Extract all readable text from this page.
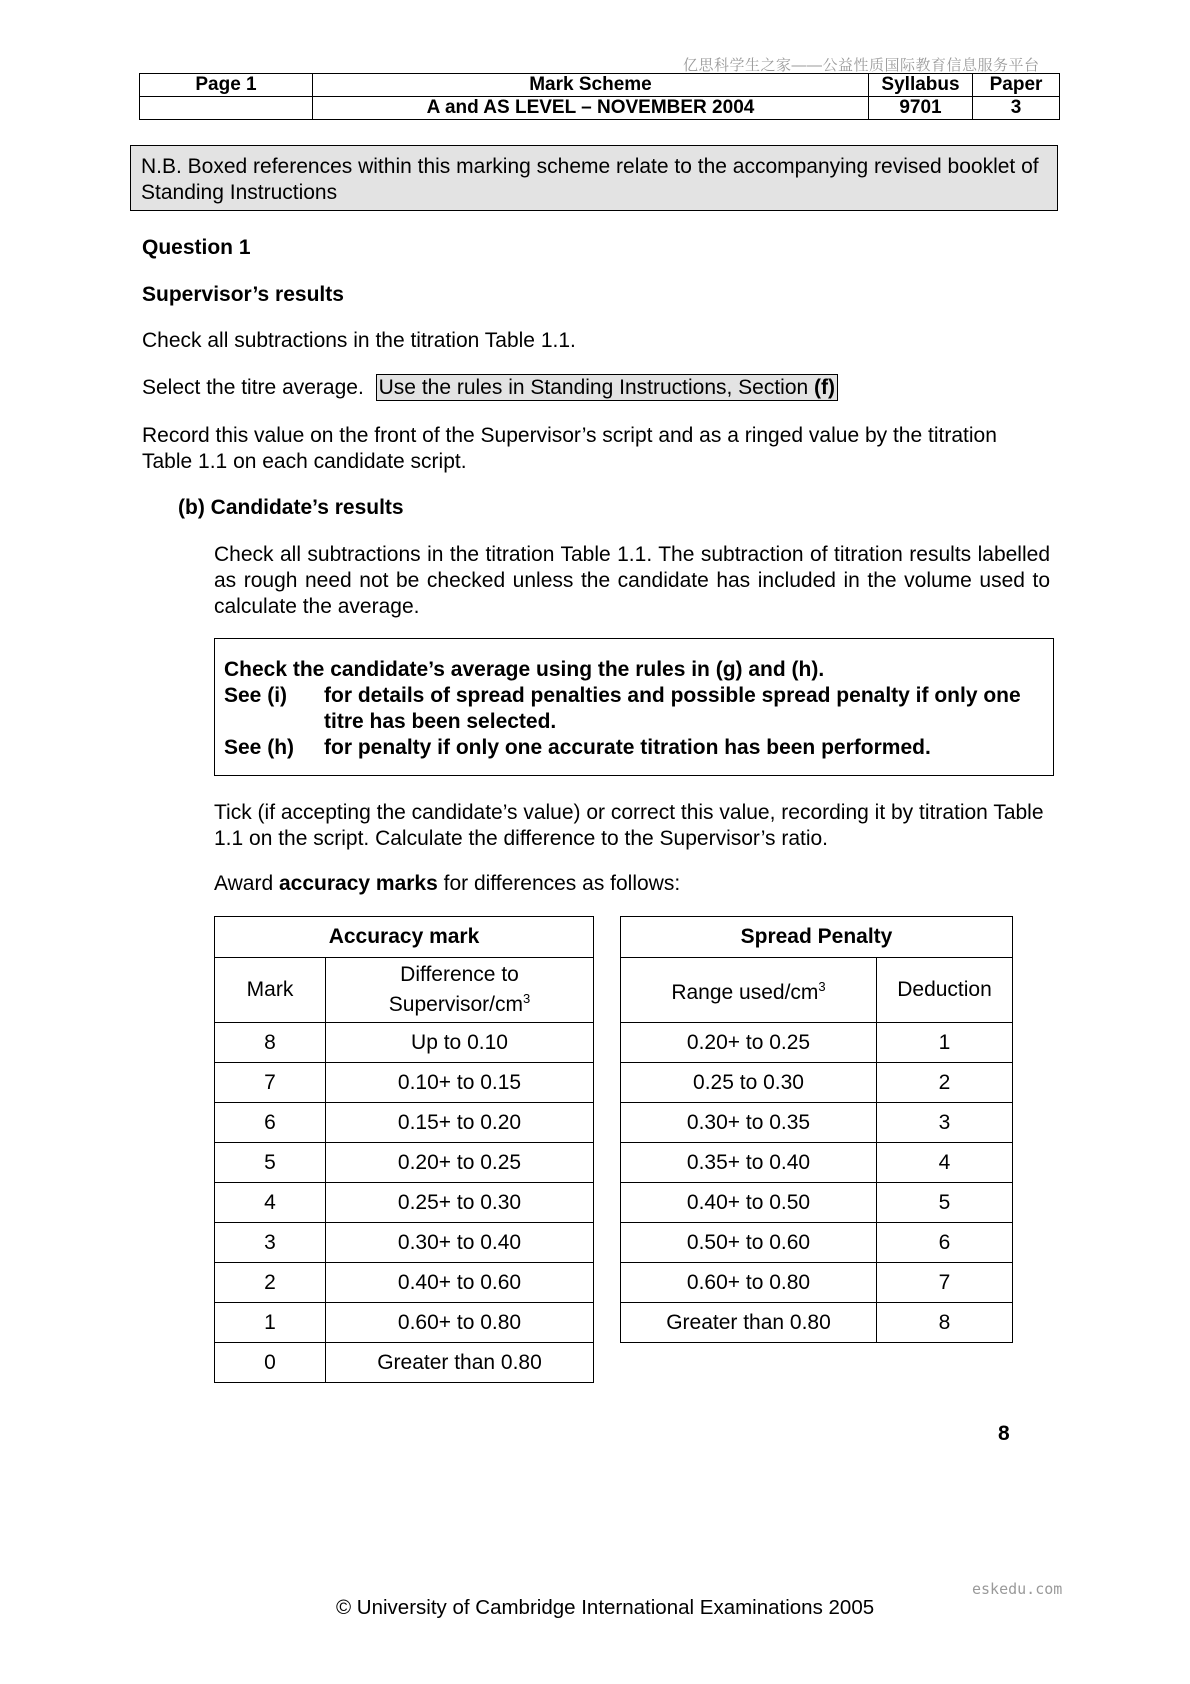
亿思科学生之家——公益性质国际教育信息服务平台
Page 1	Mark Scheme	Syllabus	Paper
	A and AS LEVEL – NOVEMBER 2004	9701	3
N.B. Boxed references within this marking scheme relate to the accompanying revised booklet of Standing Instructions
Question 1
Supervisor’s results
Check all subtractions in the titration Table 1.1.
Select the titre average. Use the rules in Standing Instructions, Section (f)
Record this value on the front of the Supervisor’s script and as a ringed value by the titration Table 1.1 on each candidate script.
(b) Candidate’s results
Check all subtractions in the titration Table 1.1. The subtraction of titration results labelled as rough need not be checked unless the candidate has included in the volume used to calculate the average.
Check the candidate’s average using the rules in (g) and (h).
See (i)	for details of spread penalties and possible spread penalty if only one titre has been selected.
See (h)	for penalty if only one accurate titration has been performed.
Tick (if accepting the candidate’s value) or correct this value, recording it by titration Table 1.1 on the script. Calculate the difference to the Supervisor’s ratio.
Award accuracy marks for differences as follows:
Accuracy mark	
Mark	Difference to
Supervisor/$cm^3$

8	Up to 0.10
7	0.10+ to 0.15
6	0.15+ to 0.20
5	0.20+ to 0.25
4	0.25+ to 0.30
3	0.30+ to 0.40
2	0.40+ to 0.60
1	0.60+ to 0.80
0	Greater than 0.80
Spread Penalty	
Range used/$cm^3$	Deduction
0.20+ to 0.25	1
0.25 to 0.30	2
0.30+ to 0.35	3
0.35+ to 0.40	4
0.40+ to 0.50	5
0.50+ to 0.60	6
0.60+ to 0.80	7
Greater than 0.80	8
8
eskedu.com
© University of Cambridge International Examinations 2005
